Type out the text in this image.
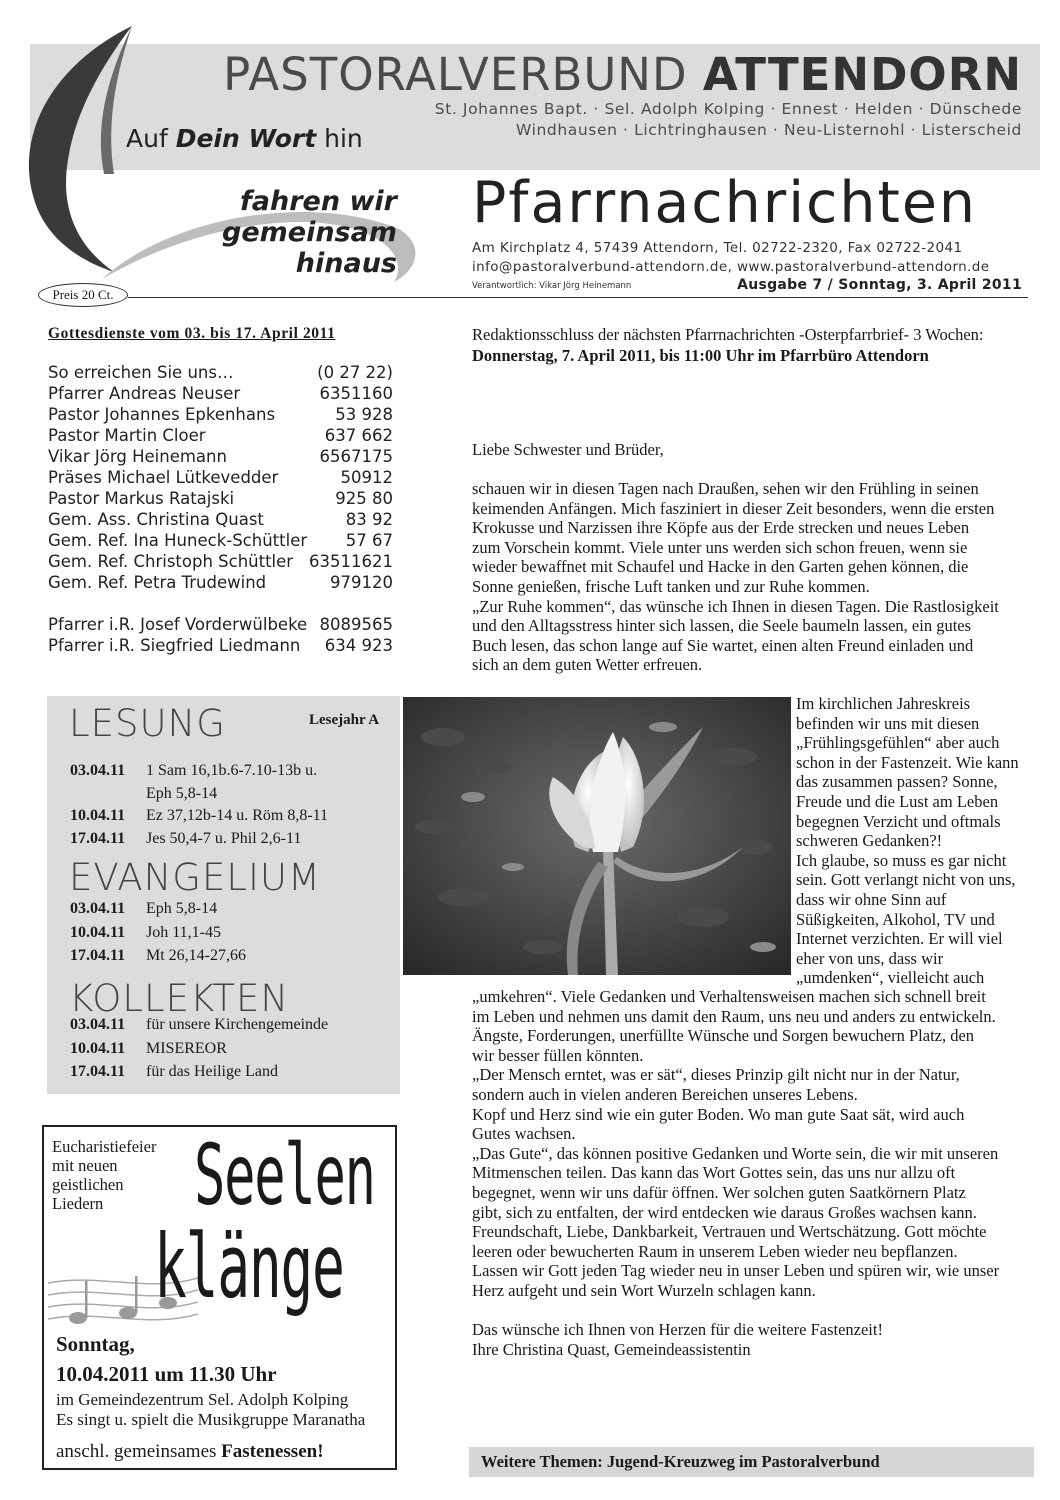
PASTORALVERBUND ATTENDORN
St. Johannes Bapt. · Sel. Adolph Kolping · Ennest · Helden · Dünschede
Windhausen · Lichtringhausen · Neu-Listernohl · Listerscheid
Auf Dein Wort hin
fahren wir
gemeinsam hinaus
Pfarrnachrichten
Am Kirchplatz 4, 57439 Attendorn, Tel. 02722-2320, Fax 02722-2041
info@pastoralverbund-attendorn.de, www.pastoralverbund-attendorn.de
Verantwortlich: Vikar Jörg Heinemann	Ausgabe 7 / Sonntag, 3. April 2011
Preis 20 Ct.
Gottesdienste vom 03. bis 17. April 2011
So erreichen Sie uns…	(0 27 22)
Pfarrer Andreas Neuser	6351160
Pastor Johannes Epkenhans	53 928
Pastor Martin Cloer	637 662
Vikar Jörg Heinemann	6567175
Präses Michael Lütkevedder	50912
Pastor Markus Ratajski	925 80
Gem. Ass. Christina Quast	83 92
Gem. Ref. Ina Huneck-Schüttler 57 67
Gem. Ref. Christoph Schüttler 63511621
Gem. Ref. Petra Trudewind	979120
Pfarrer i.R. Josef Vorderwülbeke 8089565
Pfarrer i.R. Siegfried Liedmann 634 923
LESUNG	Lesejahr A
03.04.11 1 Sam 16,1b.6-7.10-13b u.
Eph 5,8-14
10.04.11 Ez 37,12b-14 u. Röm 8,8-11
17.04.11 Jes 50,4-7 u. Phil 2,6-11
EVANGELIUM
03.04.11 Eph 5,8-14
10.04.11 Joh 11,1-45
17.04.11 Mt 26,14-27,66
KOLLEKTEN
03.04.11 für unsere Kirchengemeinde
10.04.11 MISEREOR
17.04.11 für das Heilige Land
Eucharistiefeier
mit neuen
geistlichen
Liedern	Seelen
klänge
Sonntag,
10.04.2011 um 11.30 Uhr
im Gemeindezentrum Sel. Adolph Kolping
Es singt u. spielt die Musikgruppe Maranatha
anschl. gemeinsames Fastenessen!
Redaktionsschluss der nächsten Pfarrnachrichten -Osterpfarrbrief- 3 Wochen:
Donnerstag, 7. April 2011, bis 11:00 Uhr im Pfarrbüro Attendorn
Liebe Schwester und Brüder,
schauen wir in diesen Tagen nach Draußen, sehen wir den Frühling in seinen
keimenden Anfängen. Mich fasziniert in dieser Zeit besonders, wenn die ersten
Krokusse und Narzissen ihre Köpfe aus der Erde strecken und neues Leben
zum Vorschein kommt. Viele unter uns werden sich schon freuen, wenn sie
wieder bewaffnet mit Schaufel und Hacke in den Garten gehen können, die
Sonne genießen, frische Luft tanken und zur Ruhe kommen.
„Zur Ruhe kommen“, das wünsche ich Ihnen in diesen Tagen. Die Rastlosigkeit
und den Alltagsstress hinter sich lassen, die Seele baumeln lassen, ein gutes
Buch lesen, das schon lange auf Sie wartet, einen alten Freund einladen und
sich an dem guten Wetter erfreuen.
Im kirchlichen Jahreskreis
befinden wir uns mit diesen
„Frühlingsgefühlen“ aber auch
schon in der Fastenzeit. Wie kann
das zusammen passen? Sonne,
Freude und die Lust am Leben
begegnen Verzicht und oftmals
schweren Gedanken?!
Ich glaube, so muss es gar nicht
sein. Gott verlangt nicht von uns,
dass wir ohne Sinn auf
Süßigkeiten, Alkohol, TV und
Internet verzichten. Er will viel
eher von uns, dass wir
„umdenken“, vielleicht auch
„umkehren“. Viele Gedanken und Verhaltensweisen machen sich schnell breit
im Leben und nehmen uns damit den Raum, uns neu und anders zu entwickeln.
Ängste, Forderungen, unerfüllte Wünsche und Sorgen bewuchern Platz, den
wir besser füllen könnten.
„Der Mensch erntet, was er sät“, dieses Prinzip gilt nicht nur in der Natur,
sondern auch in vielen anderen Bereichen unseres Lebens.
Kopf und Herz sind wie ein guter Boden. Wo man gute Saat sät, wird auch
Gutes wachsen.
„Das Gute“, das können positive Gedanken und Worte sein, die wir mit unseren
Mitmenschen teilen. Das kann das Wort Gottes sein, das uns nur allzu oft
begegnet, wenn wir uns dafür öffnen. Wer solchen guten Saatkörnern Platz
gibt, sich zu entfalten, der wird entdecken wie daraus Großes wachsen kann.
Freundschaft, Liebe, Dankbarkeit, Vertrauen und Wertschätzung. Gott möchte
leeren oder bewucherten Raum in unserem Leben wieder neu bepflanzen.
Lassen wir Gott jeden Tag wieder neu in unser Leben und spüren wir, wie unser
Herz aufgeht und sein Wort Wurzeln schlagen kann.
Das wünsche ich Ihnen von Herzen für die weitere Fastenzeit!
Ihre Christina Quast, Gemeindeassistentin
Weitere Themen: Jugend-Kreuzweg im Pastoralverbund
